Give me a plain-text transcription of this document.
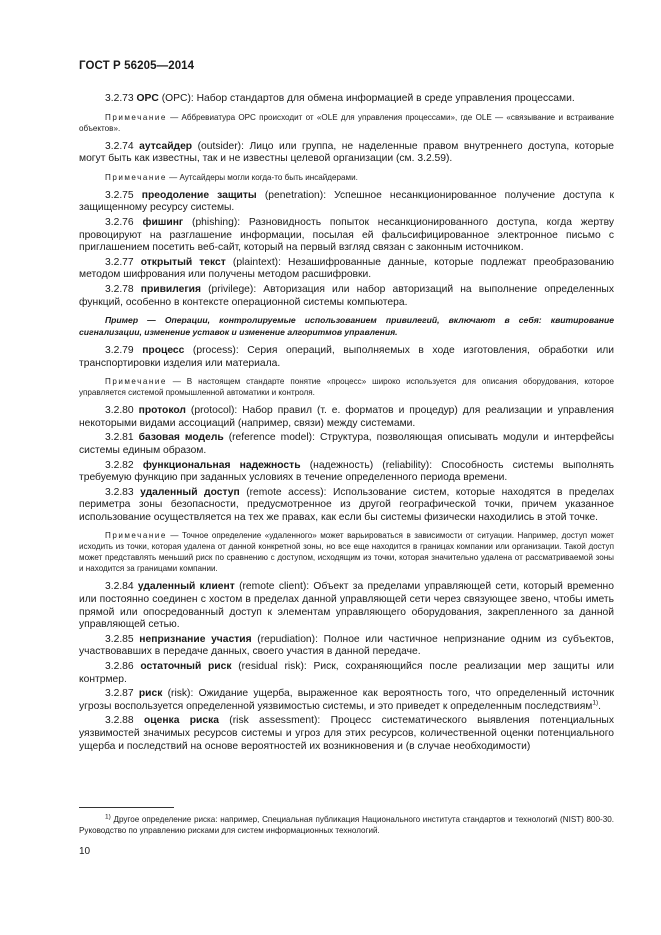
ГОСТ Р 56205—2014

3.2.73 OPC (OPC): Набор стандартов для обмена информацией в среде управления процессами.

Примечание — Аббревиатура OPC происходит от «OLE для управления процессами», где OLE — «связывание и встраивание объектов».

3.2.74 аутсайдер (outsider): Лицо или группа, не наделенные правом внутреннего доступа, которые могут быть как известны, так и не известны целевой организации (см. 3.2.59).

Примечание — Аутсайдеры могли когда-то быть инсайдерами.

3.2.75 преодоление защиты (penetration): Успешное несанкционированное получение доступа к защищенному ресурсу системы.

3.2.76 фишинг (phishing): Разновидность попыток несанкционированного доступа, когда жертву провоцируют на разглашение информации, посылая ей фальсифицированное электронное письмо с приглашением посетить веб-сайт, который на первый взгляд связан с законным источником.

3.2.77 открытый текст (plaintext): Незашифрованные данные, которые подлежат преобразованию методом шифрования или получены методом расшифровки.

3.2.78 привилегия (privilege): Авторизация или набор авторизаций на выполнение определенных функций, особенно в контексте операционной системы компьютера.

Пример — Операции, контролируемые использованием привилегий, включают в себя: квитирование сигнализации, изменение уставок и изменение алгоритмов управления.

3.2.79 процесс (process): Серия операций, выполняемых в ходе изготовления, обработки или транспортировки изделия или материала.

Примечание — В настоящем стандарте понятие «процесс» широко используется для описания оборудования, которое управляется системой промышленной автоматики и контроля.

3.2.80 протокол (protocol): Набор правил (т. е. форматов и процедур) для реализации и управления некоторыми видами ассоциаций (например, связи) между системами.

3.2.81 базовая модель (reference model): Структура, позволяющая описывать модули и интерфейсы системы единым образом.

3.2.82 функциональная надежность (надежность) (reliability): Способность системы выполнять требуемую функцию при заданных условиях в течение определенного периода времени.

3.2.83 удаленный доступ (remote access): Использование систем, которые находятся в пределах периметра зоны безопасности, предусмотренное из другой географической точки, причем указанное использование осуществляется на тех же правах, как если бы системы физически находились в этой точке.

Примечание — Точное определение «удаленного» может варьироваться в зависимости от ситуации. Например, доступ может исходить из точки, которая удалена от данной конкретной зоны, но все еще находится в границах компании или организации. Такой доступ может представлять меньший риск по сравнению с доступом, исходящим из точки, которая значительно удалена от рассматриваемой зоны и находится за границами компании.

3.2.84 удаленный клиент (remote client): Объект за пределами управляющей сети, который временно или постоянно соединен с хостом в пределах данной управляющей сети через связующее звено, чтобы иметь прямой или опосредованный доступ к элементам управляющего оборудования, закрепленного за данной управляющей сетью.

3.2.85 непризнание участия (repudiation): Полное или частичное непризнание одним из субъектов, участвовавших в передаче данных, своего участия в данной передаче.

3.2.86 остаточный риск (residual risk): Риск, сохраняющийся после реализации мер защиты или контрмер.

3.2.87 риск (risk): Ожидание ущерба, выраженное как вероятность того, что определенный источник угрозы воспользуется определенной уязвимостью системы, и это приведет к определенным последствиям$^{1)}$.

3.2.88 оценка риска (risk assessment): Процесс систематического выявления потенциальных уязвимостей значимых ресурсов системы и угроз для этих ресурсов, количественной оценки потенциального ущерба и последствий на основе вероятностей их возникновения и (в случае необходимости)

$^{1)}$ Другое определение риска: например, Специальная публикация Национального института стандартов и технологий (NIST) 800-30. Руководство по управлению рисками для систем информационных технологий.

10
